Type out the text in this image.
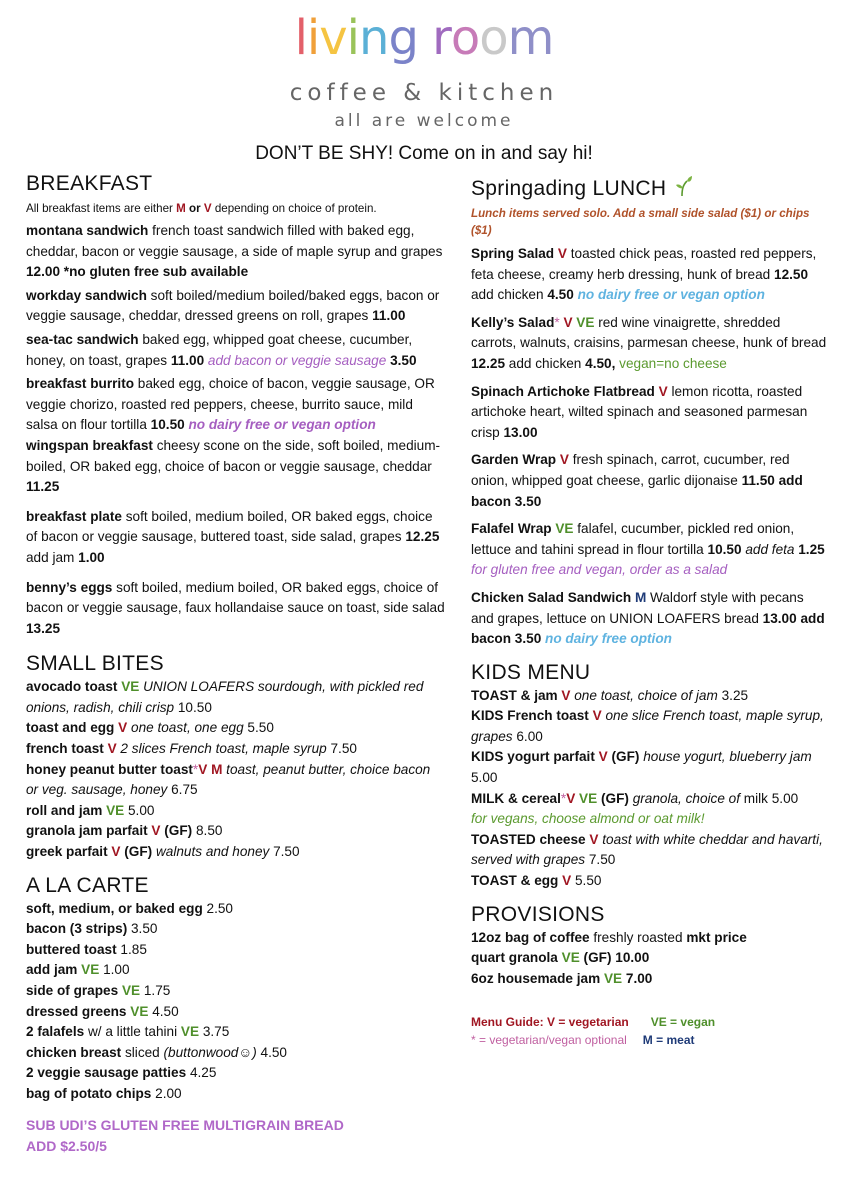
living room
coffee & kitchen
all are welcome
DON’T BE SHY! Come on in and say hi!
BREAKFAST
All breakfast items are either M or V depending on choice of protein.
montana sandwich french toast sandwich filled with baked egg, cheddar, bacon or veggie sausage, a side of maple syrup and grapes 12.00 *no gluten free sub available
workday sandwich soft boiled/medium boiled/baked eggs, bacon or veggie sausage, cheddar, dressed greens on roll, grapes 11.00
sea-tac sandwich baked egg, whipped goat cheese, cucumber, honey, on toast, grapes 11.00 add bacon or veggie sausage 3.50
breakfast burrito baked egg, choice of bacon, veggie sausage, OR veggie chorizo, roasted red peppers, cheese, burrito sauce, mild salsa on flour tortilla 10.50 no dairy free or vegan option
wingspan breakfast cheesy scone on the side, soft boiled, medium-boiled, OR baked egg, choice of bacon or veggie sausage, cheddar 11.25
breakfast plate soft boiled, medium boiled, OR baked eggs, choice of bacon or veggie sausage, buttered toast, side salad, grapes 12.25 add jam 1.00
benny’s eggs soft boiled, medium boiled, OR baked eggs, choice of bacon or veggie sausage, faux hollandaise sauce on toast, side salad 13.25
SMALL BITES
avocado toast VE UNION LOAFERS sourdough, with pickled red onions, radish, chili crisp 10.50
toast and egg V one toast, one egg 5.50
french toast V 2 slices French toast, maple syrup 7.50
honey peanut butter toast*V M toast, peanut butter, choice bacon or veg. sausage, honey 6.75
roll and jam VE 5.00
granola jam parfait V (GF) 8.50
greek parfait V (GF) walnuts and honey 7.50
A LA CARTE
soft, medium, or baked egg 2.50
bacon (3 strips) 3.50
buttered toast 1.85
add jam VE 1.00
side of grapes VE 1.75
dressed greens VE 4.50
2 falafels w/ a little tahini VE 3.75
chicken breast sliced (buttonwood☺) 4.50
2 veggie sausage patties 4.25
bag of potato chips 2.00
SUB UDI’S GLUTEN FREE MULTIGRAIN BREAD
ADD $2.50/5
Springading LUNCH
Lunch items served solo. Add a small side salad ($1) or chips ($1)
Spring Salad V toasted chick peas, roasted red peppers, feta cheese, creamy herb dressing, hunk of bread 12.50 add chicken 4.50 no dairy free or vegan option
Kelly’s Salad* V VE red wine vinaigrette, shredded carrots, walnuts, craisins, parmesan cheese, hunk of bread 12.25 add chicken 4.50, vegan=no cheese
Spinach Artichoke Flatbread V lemon ricotta, roasted artichoke heart, wilted spinach and seasoned parmesan crisp 13.00
Garden Wrap V fresh spinach, carrot, cucumber, red onion, whipped goat cheese, garlic dijonaise 11.50 add bacon 3.50
Falafel Wrap VE falafel, cucumber, pickled red onion, lettuce and tahini spread in flour tortilla 10.50 add feta 1.25 for gluten free and vegan, order as a salad
Chicken Salad Sandwich M Waldorf style with pecans and grapes, lettuce on UNION LOAFERS bread 13.00 add bacon 3.50 no dairy free option
KIDS MENU
TOAST & jam V one toast, choice of jam 3.25
KIDS French toast V one slice French toast, maple syrup, grapes 6.00
KIDS yogurt parfait V (GF) house yogurt, blueberry jam 5.00
MILK & cereal*V VE (GF) granola, choice of milk 5.00
for vegans, choose almond or oat milk!
TOASTED cheese V toast with white cheddar and havarti, served with grapes 7.50
TOAST & egg V 5.50
PROVISIONS
12oz bag of coffee freshly roasted mkt price
quart granola VE (GF) 10.00
6oz housemade jam VE 7.00
Menu Guide: V = vegetarian VE = vegan
* = vegetarian/vegan optional M = meat
